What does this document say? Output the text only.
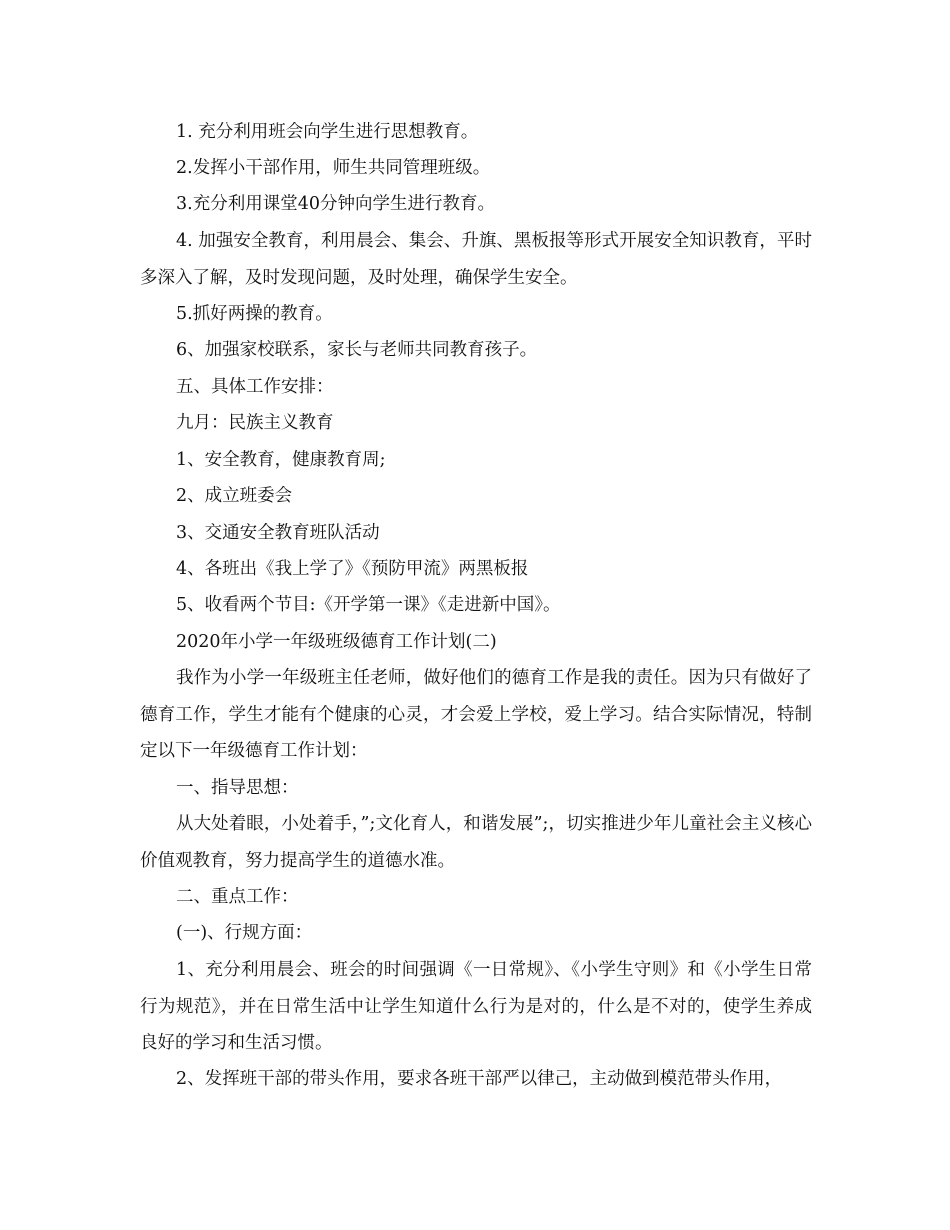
1. 充分利用班会向学生进行思想教育。

2.发挥小干部作用，师生共同管理班级。

3.充分利用课堂40分钟向学生进行教育。

4. 加强安全教育，利用晨会、集会、升旗、黑板报等形式开展安全知识教育，平时多深入了解，及时发现问题，及时处理，确保学生安全。

5.抓好两操的教育。

6、加强家校联系，家长与老师共同教育孩子。

五、具体工作安排：

九月：民族主义教育

1、安全教育，健康教育周;

2、成立班委会

3、交通安全教育班队活动

4、各班出《我上学了》《预防甲流》两黑板报

5、收看两个节目:《开学第一课》《走进新中国》。

2020年小学一年级班级德育工作计划(二)

我作为小学一年级班主任老师，做好他们的德育工作是我的责任。因为只有做好了德育工作，学生才能有个健康的心灵，才会爱上学校，爱上学习。结合实际情况，特制定以下一年级德育工作计划：

一、指导思想：

从大处着眼，小处着手，”;文化育人，和谐发展”;，切实推进少年儿童社会主义核心价值观教育，努力提高学生的道德水准。

二、重点工作：

(一)、行规方面：

1、充分利用晨会、班会的时间强调《一日常规》、《小学生守则》和《小学生日常行为规范》，并在日常生活中让学生知道什么行为是对的，什么是不对的，使学生养成良好的学习和生活习惯。

2、发挥班干部的带头作用，要求各班干部严以律己，主动做到模范带头作用，
